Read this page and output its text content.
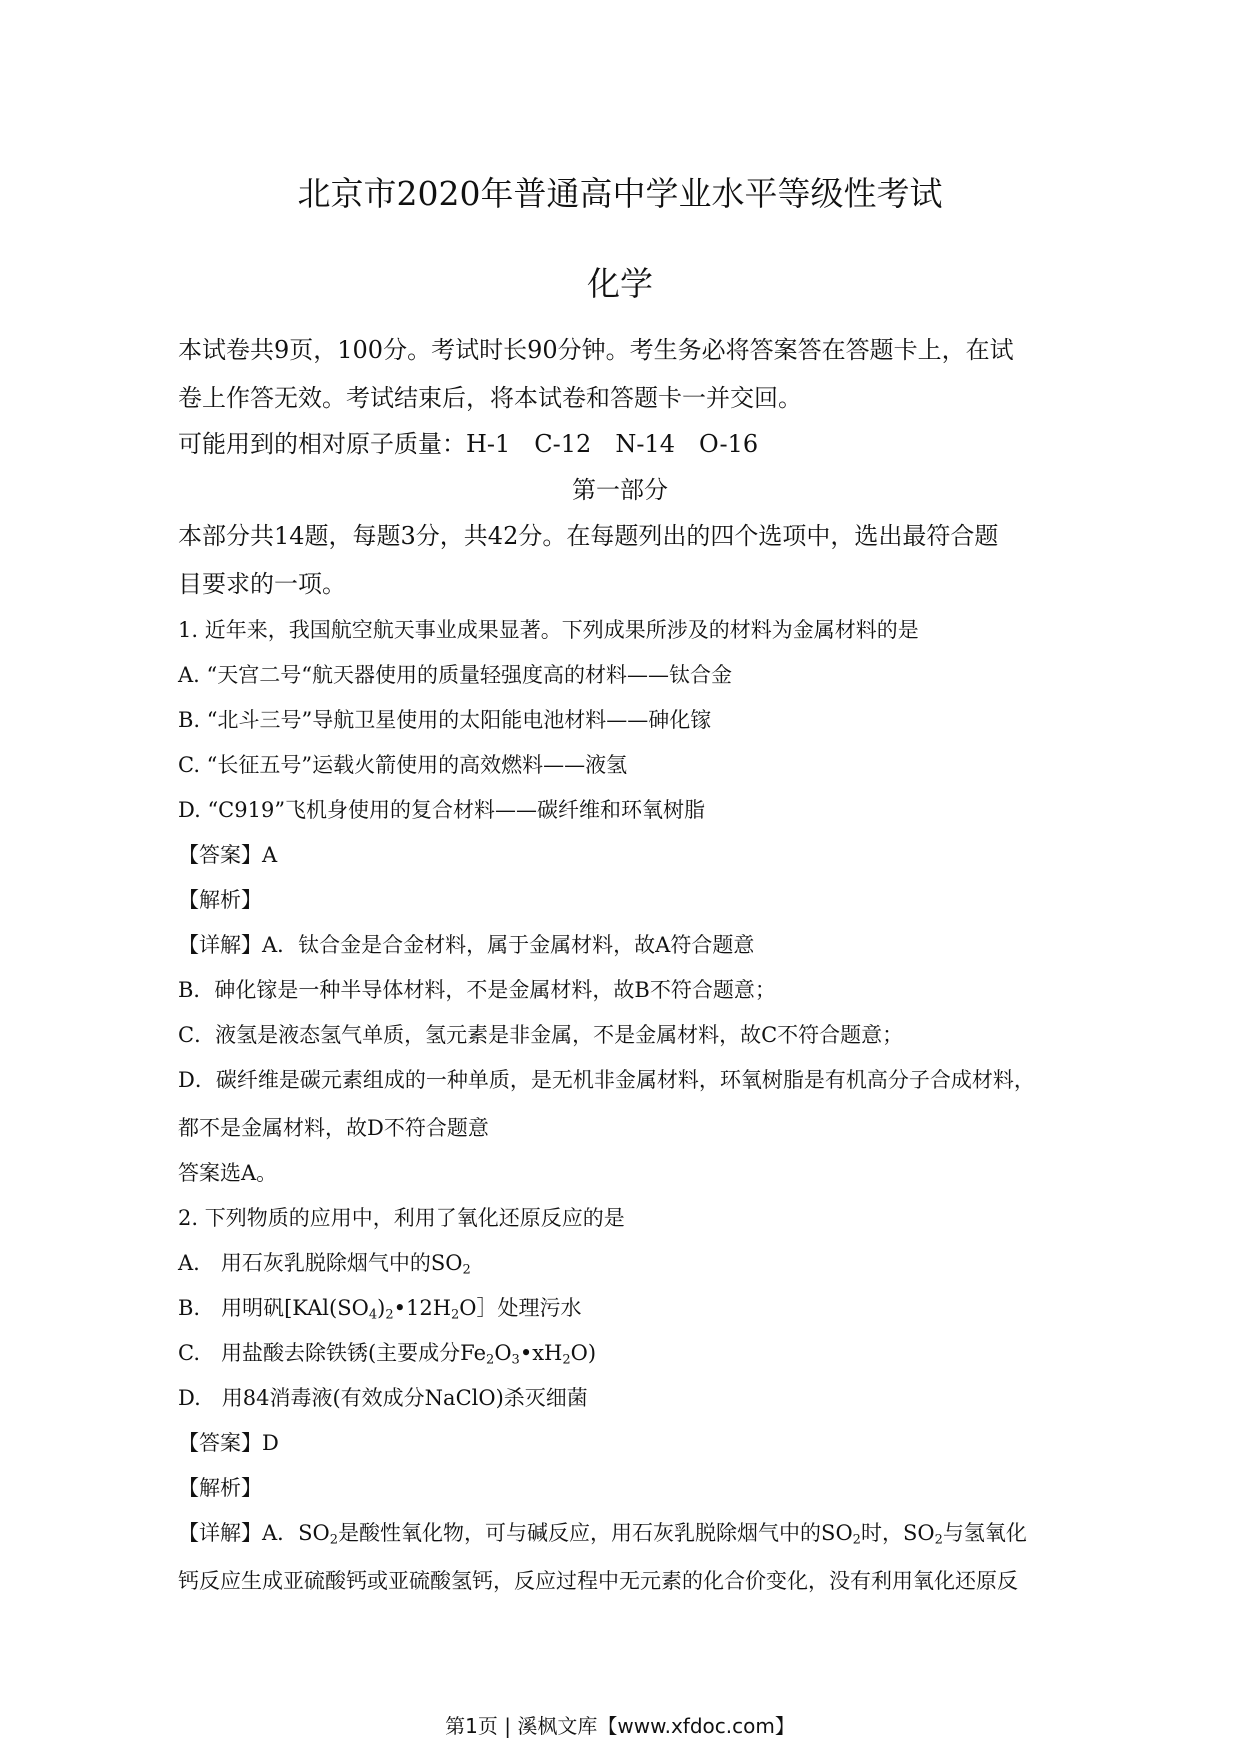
北京市2020年普通高中学业水平等级性考试
化学
本试卷共9页，100分。考试时长90分钟。考生务必将答案答在答题卡上，在试
卷上作答无效。考试结束后，将本试卷和答题卡一并交回。
可能用到的相对原子质量：H-1　C-12　N-14　O-16
第一部分
本部分共14题，每题3分，共42分。在每题列出的四个选项中，选出最符合题
目要求的一项。
1. 近年来，我国航空航天事业成果显著。下列成果所涉及的材料为金属材料的是
A. “天宫二号“航天器使用的质量轻强度高的材料——钛合金
B. “北斗三号”导航卫星使用的太阳能电池材料——砷化镓
C. “长征五号”运载火箭使用的高效燃料——液氢
D. “C919”飞机身使用的复合材料——碳纤维和环氧树脂
【答案】A
【解析】
【详解】A．钛合金是合金材料，属于金属材料，故A符合题意
B．砷化镓是一种半导体材料，不是金属材料，故B不符合题意；
C．液氢是液态氢气单质，氢元素是非金属，不是金属材料，故C不符合题意；
D．碳纤维是碳元素组成的一种单质，是无机非金属材料，环氧树脂是有机高分子合成材料，
都不是金属材料，故D不符合题意
答案选A。
2. 下列物质的应用中，利用了氧化还原反应的是
A.　用石灰乳脱除烟气中的$SO_2$
B.　用明矾[$KAl(SO_4)_2•12H_2O]$处理污水
C.　用盐酸去除铁锈(主要成分$Fe_2O_3•xH_2O$)
D.　用84消毒液(有效成分NaClO)杀灭细菌
【答案】D
【解析】
【详解】A．$SO_2$是酸性氧化物，可与碱反应，用石灰乳脱除烟气中的$SO_2$时，$SO_2$与氢氧化
钙反应生成亚硫酸钙或亚硫酸氢钙，反应过程中无元素的化合价变化，没有利用氧化还原反
第1页 | 溪枫文库【www.xfdoc.com】
